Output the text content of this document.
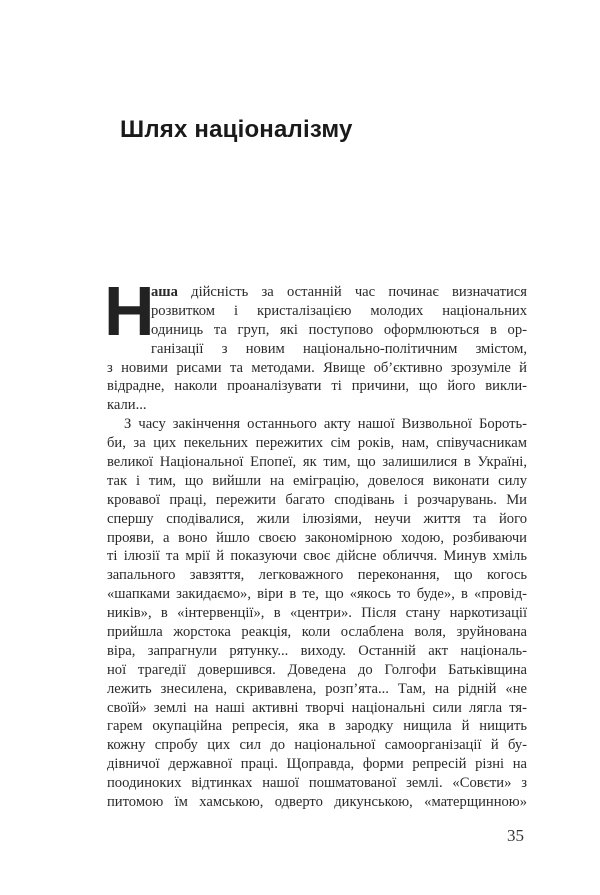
Шлях націоналізму
Н
аша дійсність за останній час починає визначатися
розвитком і кристалізацією молодих національних
одиниць та груп, які поступово оформлюються в ор-
ганізації з новим національно-політичним змістом,
з новими рисами та методами. Явище об’єктивно зрозуміле й
відрадне, наколи проаналізувати ті причини, що його викли-
кали...
З часу закінчення останнього акту нашої Визвольної Бороть-
би, за цих пекельних пережитих сім років, нам, співучасникам
великої Національної Епопеї, як тим, що залишилися в Україні,
так і тим, що вийшли на еміграцію, довелося виконати силу
кровавої праці, пережити багато сподівань і розчарувань. Ми
спершу сподівалися, жили ілюзіями, неучи життя та його
прояви, а воно йшло своєю закономірною ходою, розбиваючи
ті ілюзії та мрії й показуючи своє дійсне обличчя. Минув хміль
запального завзяття, легковажного переконання, що когось
«шапками закидаємо», віри в те, що «якось то буде», в «провід-
ників», в «інтервенції», в «центри». Після стану наркотизації
прийшла жорстока реакція, коли ослаблена воля, зруйнована
віра, запрагнули рятунку... виходу. Останній акт національ-
ної трагедії довершився. Доведена до Голгофи Батьківщина
лежить знесилена, скривавлена, розп’ята... Там, на рідній «не
своїй» землі на наші активні творчі національні сили лягла тя-
гарем окупаційна репресія, яка в зародку нищила й нищить
кожну спробу цих сил до національної самоорганізації й бу-
дівничої державної праці. Щоправда, форми репресій різні на
поодиноких відтинках нашої пошматованої землі. «Совєти» з
питомою їм хамською, одверто дикунською, «матерщинною»
35
